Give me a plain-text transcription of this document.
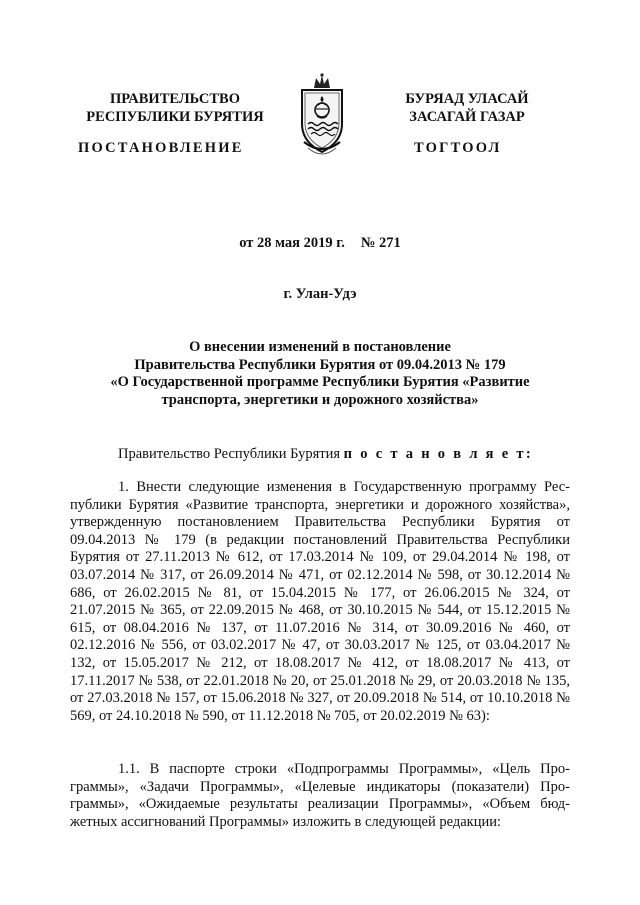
ПРАВИТЕЛЬСТВО
РЕСПУБЛИКИ БУРЯТИЯ
БУРЯАД УЛАСАЙ
ЗАСАГАЙ ГАЗАР
ПОСТАНОВЛЕНИЕ	ТОГТООЛ
от 28 мая 2019 г. № 271
г. Улан-Удэ
О внесении изменений в постановление
Правительства Республики Бурятия от 09.04.2013 № 179
«О Государственной программе Республики Бурятия «Развитие
транспорта, энергетики и дорожного хозяйства»
Правительство Республики Бурятия п о с т а н о в л я е т:
1. Внести следующие изменения в Государственную программу Республики Бурятия «Развитие транспорта, энергетики и дорожного хозяйства», утвержденную постановлением Правительства Республики Бурятия от 09.04.2013 № 179 (в редакции постановлений Правительства Республики Бурятия от 27.11.2013 № 612, от 17.03.2014 № 109, от 29.04.2014 № 198, от 03.07.2014 № 317, от 26.09.2014 № 471, от 02.12.2014 № 598, от 30.12.2014 № 686, от 26.02.2015 № 81, от 15.04.2015 № 177, от 26.06.2015 № 324, от 21.07.2015 № 365, от 22.09.2015 № 468, от 30.10.2015 № 544, от 15.12.2015 № 615, от 08.04.2016 № 137, от 11.07.2016 № 314, от 30.09.2016 № 460, от 02.12.2016 № 556, от 03.02.2017 № 47, от 30.03.2017 № 125, от 03.04.2017 № 132, от 15.05.2017 № 212, от 18.08.2017 № 412, от 18.08.2017 № 413, от 17.11.2017 № 538, от 22.01.2018 № 20, от 25.01.2018 № 29, от 20.03.2018 № 135, от 27.03.2018 № 157, от 15.06.2018 № 327, от 20.09.2018 № 514, от 10.10.2018 № 569, от 24.10.2018 № 590, от 11.12.2018 № 705, от 20.02.2019 № 63):
1.1. В паспорте строки «Подпрограммы Программы», «Цель Программы», «Задачи Программы», «Целевые индикаторы (показатели) Программы», «Ожидаемые результаты реализации Программы», «Объем бюджетных ассигнований Программы» изложить в следующей редакции:
